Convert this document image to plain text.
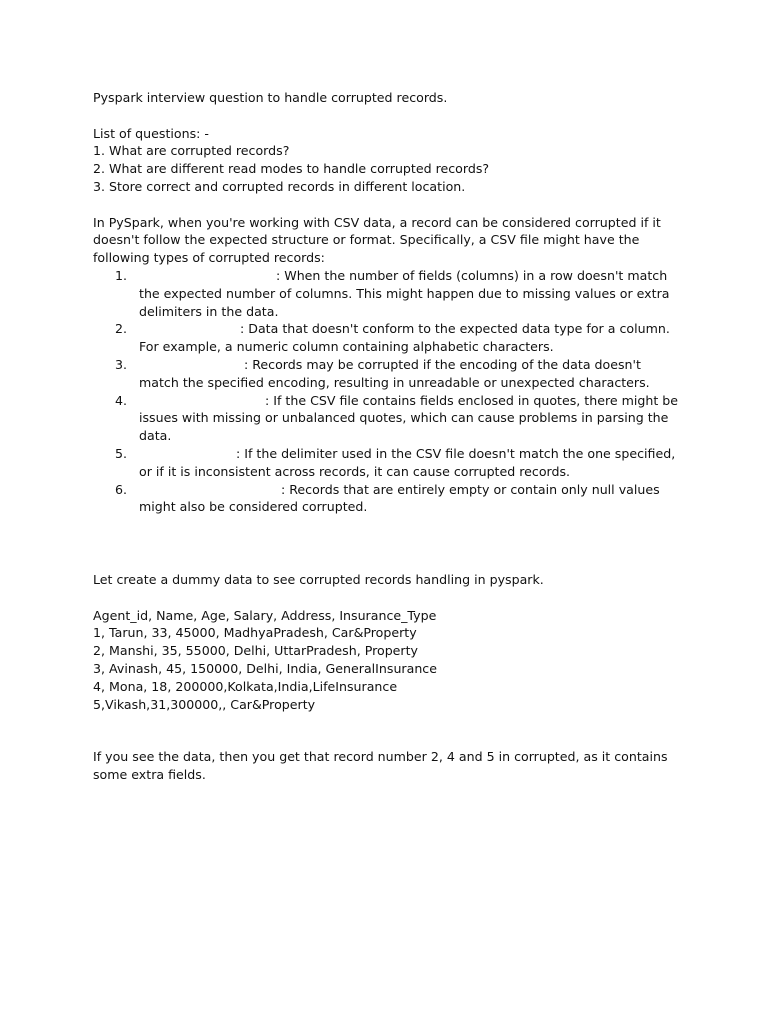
Pyspark interview question to handle corrupted records.
List of questions: -
1. What are corrupted records?
2. What are different read modes to handle corrupted records?
3. Store correct and corrupted records in different location.
In PySpark, when you're working with CSV data, a record can be considered corrupted if it doesn't follow the expected structure or format. Specifically, a CSV file might have the following types of corrupted records:
1.	: When the number of fields (columns) in a row doesn't match the expected number of columns. This might happen due to missing values or extra delimiters in the data.
2.	: Data that doesn't conform to the expected data type for a column. For example, a numeric column containing alphabetic characters.
3.	: Records may be corrupted if the encoding of the data doesn't match the specified encoding, resulting in unreadable or unexpected characters.
4.	: If the CSV file contains fields enclosed in quotes, there might be issues with missing or unbalanced quotes, which can cause problems in parsing the data.
5.	: If the delimiter used in the CSV file doesn't match the one specified, or if it is inconsistent across records, it can cause corrupted records.
6.	: Records that are entirely empty or contain only null values might also be considered corrupted.
Let create a dummy data to see corrupted records handling in pyspark.
Agent_id, Name, Age, Salary, Address, Insurance_Type
1, Tarun, 33, 45000, MadhyaPradesh, Car&Property
2, Manshi, 35, 55000, Delhi, UttarPradesh, Property
3, Avinash, 45, 150000, Delhi, India, GeneralInsurance
4, Mona, 18, 200000,Kolkata,India,LifeInsurance
5,Vikash,31,300000,, Car&Property
If you see the data, then you get that record number 2, 4 and 5 in corrupted, as it contains some extra fields.
